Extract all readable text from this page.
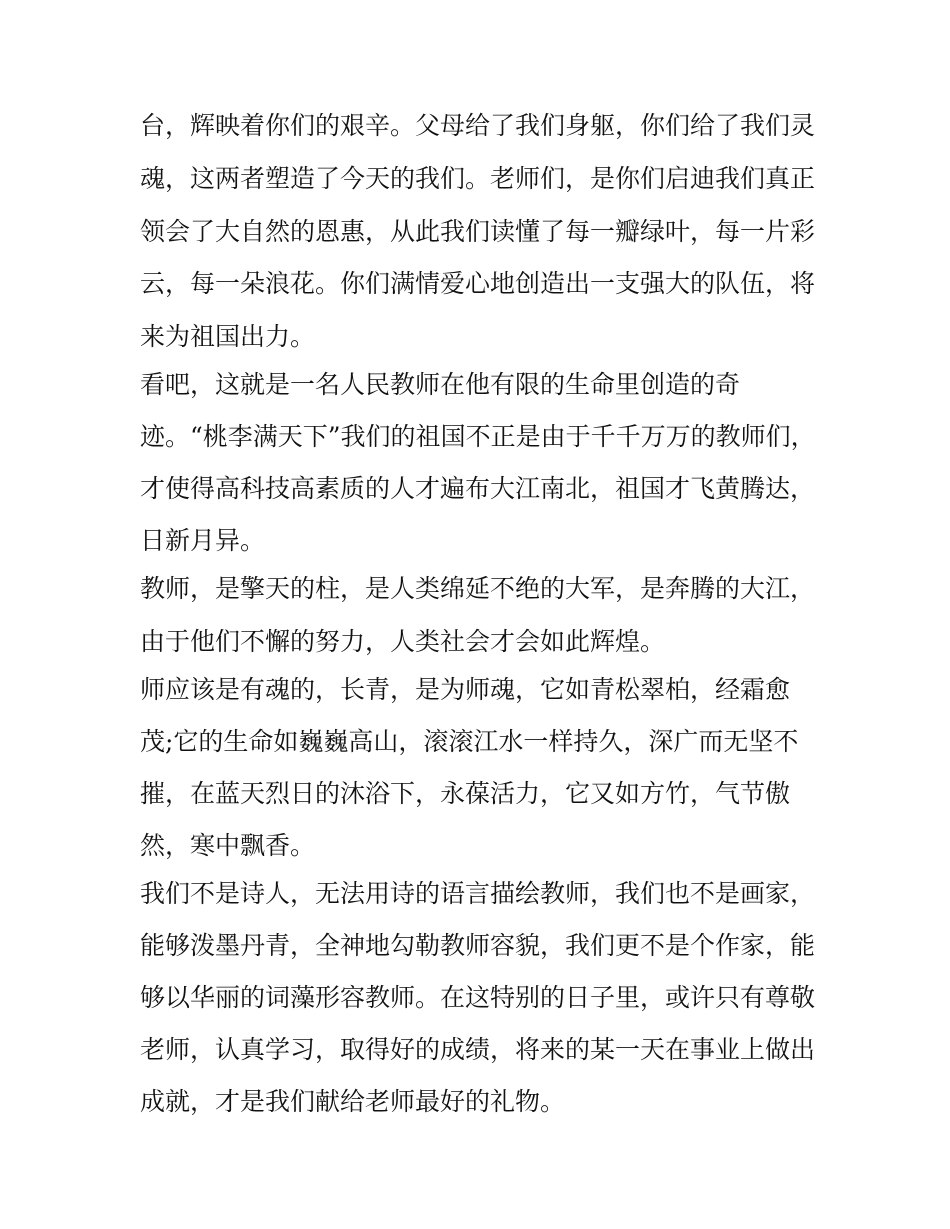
台，辉映着你们的艰辛。父母给了我们身躯，你们给了我们灵

魂，这两者塑造了今天的我们。老师们，是你们启迪我们真正

领会了大自然的恩惠，从此我们读懂了每一瓣绿叶，每一片彩

云，每一朵浪花。你们满情爱心地创造出一支强大的队伍，将

来为祖国出力。

看吧，这就是一名人民教师在他有限的生命里创造的奇

迹。“桃李满天下”我们的祖国不正是由于千千万万的教师们，

才使得高科技高素质的人才遍布大江南北，祖国才飞黄腾达，

日新月异。

教师，是擎天的柱，是人类绵延不绝的大军，是奔腾的大江，

由于他们不懈的努力，人类社会才会如此辉煌。

师应该是有魂的，长青，是为师魂，它如青松翠柏，经霜愈

茂;它的生命如巍巍高山，滚滚江水一样持久，深广而无坚不

摧，在蓝天烈日的沐浴下，永葆活力，它又如方竹，气节傲

然，寒中飘香。

我们不是诗人，无法用诗的语言描绘教师，我们也不是画家，

能够泼墨丹青，全神地勾勒教师容貌，我们更不是个作家，能

够以华丽的词藻形容教师。在这特别的日子里，或许只有尊敬

老师，认真学习，取得好的成绩，将来的某一天在事业上做出

成就，才是我们献给老师最好的礼物。
